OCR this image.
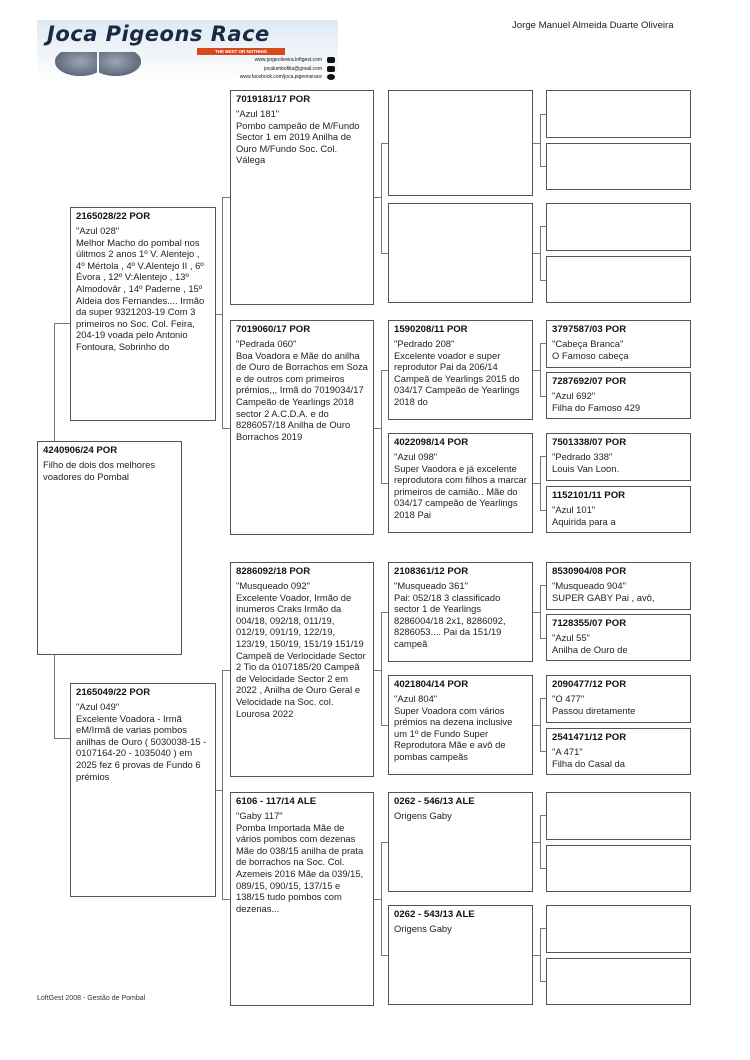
Joca Pigeons Race
THE BEST OR NOTHING
www.jorgeoliveira.loftgest.com
jocalumbofilia@gmail.com
www.facebook.com/joca.pigeonsrace
Jorge Manuel Almeida Duarte Oliveira
4240906/24 POR
Filho de dois dos melhores voadores do Pombal
2165028/22 POR
"Azul 028"
Melhor Macho do pombal nos úlitmos 2 anos 1º V. Alentejo , 4º Mértola , 4º V.Alentejo II , 6º Évora , 12º V:Alentejo , 13º Almodovâr , 14º Paderne , 15º Aldeia dos Fernandes.... Irmão da super 9321203-19 Com 3 primeiros no Soc. Col. Feira, 204-19 voada pelo Antonio Fontoura, Sobrinho do
2165049/22 POR
"Azul 049"
Excelente Voadora - Irmã eM/Irmã de varias pombos anilhas de Ouro ( 5030038-15 - 0107164-20 - 1035040 ) em 2025 fez 6 provas de Fundo 6 prémios
7019181/17 POR
"Azul 181"
Pombo campeão de M/Fundo Sector 1 em 2019 Anilha de Ouro M/Fundo Soc. Col. Válega
7019060/17 POR
"Pedrada 060"
Boa Voadora e Mãe do anilha de Ouro de Borrachos em Soza e de outros com primeiros prémios,,, Irmã do 7019034/17 Campeão de Yearlings 2018 sector 2 A.C.D.A. e do 8286057/18 Anilha de Ouro Borrachos 2019
8286092/18 POR
"Musqueado 092"
Excelente Voador, Irmão de inumeros Craks Irmão da 004/18, 092/18, 011/19, 012/19, 091/19, 122/19, 123/19, 150/19, 151/19 151/19 Campeã de Verlocidade Sector 2 Tio da 0107185/20 Campeã de Velocidade Sector 2 em 2022 , Anilha de Ouro Geral e Velocidade na Soc. col. Lourosa 2022
6106 - 117/14 ALE
"Gaby 117"
Pomba Importada Mãe de vários pombos com dezenas Mãe do 038/15 anilha de prata de borrachos na Soc. Col. Azemeis 2016 Mãe da 039/15, 089/15, 090/15, 137/15 e 138/15 tudo pombos com dezenas...
1590208/11 POR
"Pedrado 208"
Excelente voador e super reprodutor Pai da 206/14 Campeã de Yearlings 2015 do 034/17 Campeão de Yearlings 2018 do
4022098/14 POR
"Azul 098"
Super Vaodora e já excelente reprodutora com filhos a marcar primeiros de camião.. Mãe do 034/17 campeão de Yearlings 2018 Pai
2108361/12 POR
"Musqueado 361"
Pai: 052/18 3 classificado sector 1 de Yearlings 8286004/18 2x1, 8286092, 8286053.... Pai da 151/19 campeã
4021804/14 POR
"Azul 804"
Super Voadora com vários prémios na dezena inclusive um 1º de Fundo Super Reprodutora Mãe e avô de pombas campeãs
0262 - 546/13 ALE
Origens Gaby
0262 - 543/13 ALE
Origens Gaby
3797587/03 POR
"Cabeça Branca"
O Famoso cabeça
7287692/07 POR
"Azul 692"
Filha do Famoso 429
7501338/07 POR
"Pedrado 338"
Louis Van Loon.
1152101/11 POR
"Azul 101"
Aquirida para a
8530904/08 POR
"Musqueado 904"
SUPER GABY Pai , avô,
7128355/07 POR
"Azul 55"
Anilha de Ouro de
2090477/12 POR
"O 477"
Passou diretamente
2541471/12 POR
"A 471"
Filha do Casal da
LoftGest 2008 - Gestão de Pombal
